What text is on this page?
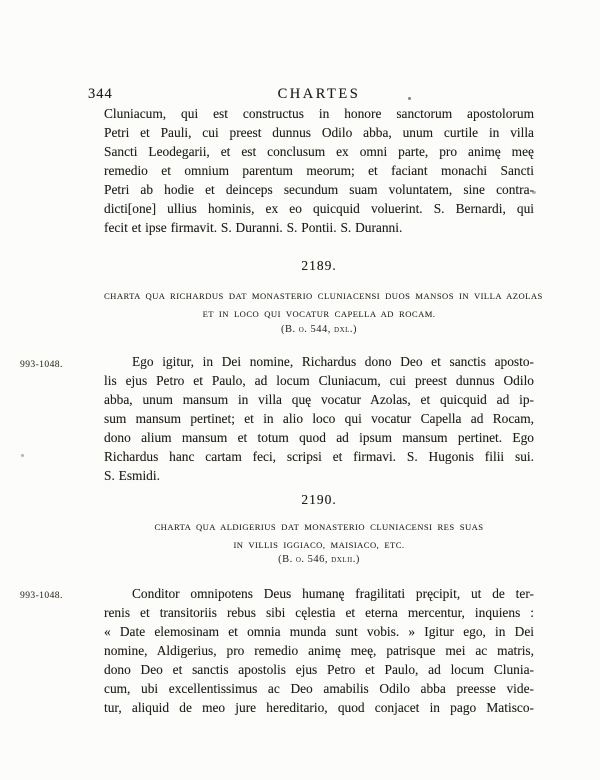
344	CHARTES
Cluniacum, qui est constructus in honore sanctorum apostolorum
Petri et Pauli, cui preest dunnus Odilo abba, unum curtile in villa
Sancti Leodegarii, et est conclusum ex omni parte, pro animę meę
remedio et omnium parentum meorum; et faciant monachi Sancti
Petri ab hodie et deinceps secundum suam voluntatem, sine contra-
dicti[one] ullius hominis, ex eo quicquid voluerint. S. Bernardi, qui
fecit et ipse firmavit. S. Duranni. S. Pontii. S. Duranni.
2189.
CHARTA QUA RICHARDUS DAT MONASTERIO CLUNIACENSI DUOS MANSOS IN VILLA AZOLAS
ET IN LOCO QUI VOCATUR CAPELLA AD ROCAM.
(B. o. 544, dxl.)
993-1048.	Ego igitur, in Dei nomine, Richardus dono Deo et sanctis aposto-
lis ejus Petro et Paulo, ad locum Cluniacum, cui preest dunnus Odilo
abba, unum mansum in villa quę vocatur Azolas, et quicquid ad ip-
sum mansum pertinet; et in alio loco qui vocatur Capella ad Rocam,
dono alium mansum et totum quod ad ipsum mansum pertinet. Ego
Richardus hanc cartam feci, scripsi et firmavi. S. Hugonis filii sui.
S. Esmidi.
2190.
CHARTA QUA ALDIGERIUS DAT MONASTERIO CLUNIACENSI RES SUAS
IN VILLIS IGGIACO, MAISIACO, ETC.
(B. o. 546, dxlii.)
993-1048.	Conditor omnipotens Deus humanę fragilitati pręcipit, ut de ter-
renis et transitoriis rebus sibi cęlestia et eterna mercentur, inquiens :
« Date elemosinam et omnia munda sunt vobis. » Igitur ego, in Dei
nomine, Aldigerius, pro remedio animę meę, patrisque mei ac matris,
dono Deo et sanctis apostolis ejus Petro et Paulo, ad locum Clunia-
cum, ubi excellentissimus ac Deo amabilis Odilo abba preesse vide-
tur, aliquid de meo jure hereditario, quod conjacet in pago Matisco-
